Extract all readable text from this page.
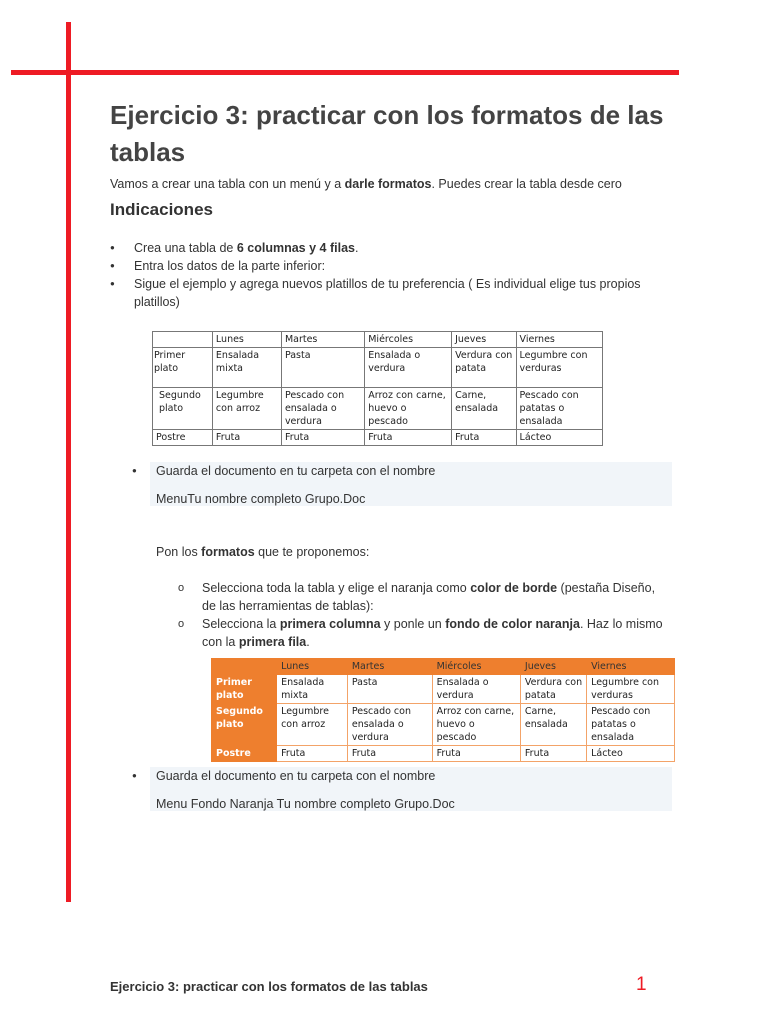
Ejercicio 3: practicar con los formatos de las tablas
Vamos a crear una tabla con un menú y a darle formatos. Puedes crear la tabla desde cero
Indicaciones
● Crea una tabla de 6 columnas y 4 filas.
● Entra los datos de la parte inferior:
● Sigue el ejemplo y agrega nuevos platillos de tu preferencia ( Es individual elige tus propios platillos)
	Lunes	Martes	Miércoles	Jueves	Viernes
Primer plato	Ensalada mixta	Pasta	Ensalada o verdura	Verdura con patata	Legumbre con verduras
Segundo plato	Legumbre con arroz	Pescado con ensalada o verdura	Arroz con carne, huevo o pescado	Carne, ensalada	Pescado con patatas o ensalada
Postre	Fruta	Fruta	Fruta	Fruta	Lácteo
● Guarda el documento en tu carpeta con el nombre
MenuTu nombre completo Grupo.Doc
Pon los formatos que te proponemos:
o Selecciona toda la tabla y elige el naranja como color de borde (pestaña Diseño, de las herramientas de tablas):
o Selecciona la primera columna y ponle un fondo de color naranja. Haz lo mismo con la primera fila.
	Lunes	Martes	Miércoles	Jueves	Viernes
Primer plato	Ensalada mixta	Pasta	Ensalada o verdura	Verdura con patata	Legumbre con verduras
Segundo plato	Legumbre con arroz	Pescado con ensalada o verdura	Arroz con carne, huevo o pescado	Carne, ensalada	Pescado con patatas o ensalada
Postre	Fruta	Fruta	Fruta	Fruta	Lácteo
● Guarda el documento en tu carpeta con el nombre
Menu Fondo Naranja Tu nombre completo Grupo.Doc
Ejercicio 3: practicar con los formatos de las tablas	1
